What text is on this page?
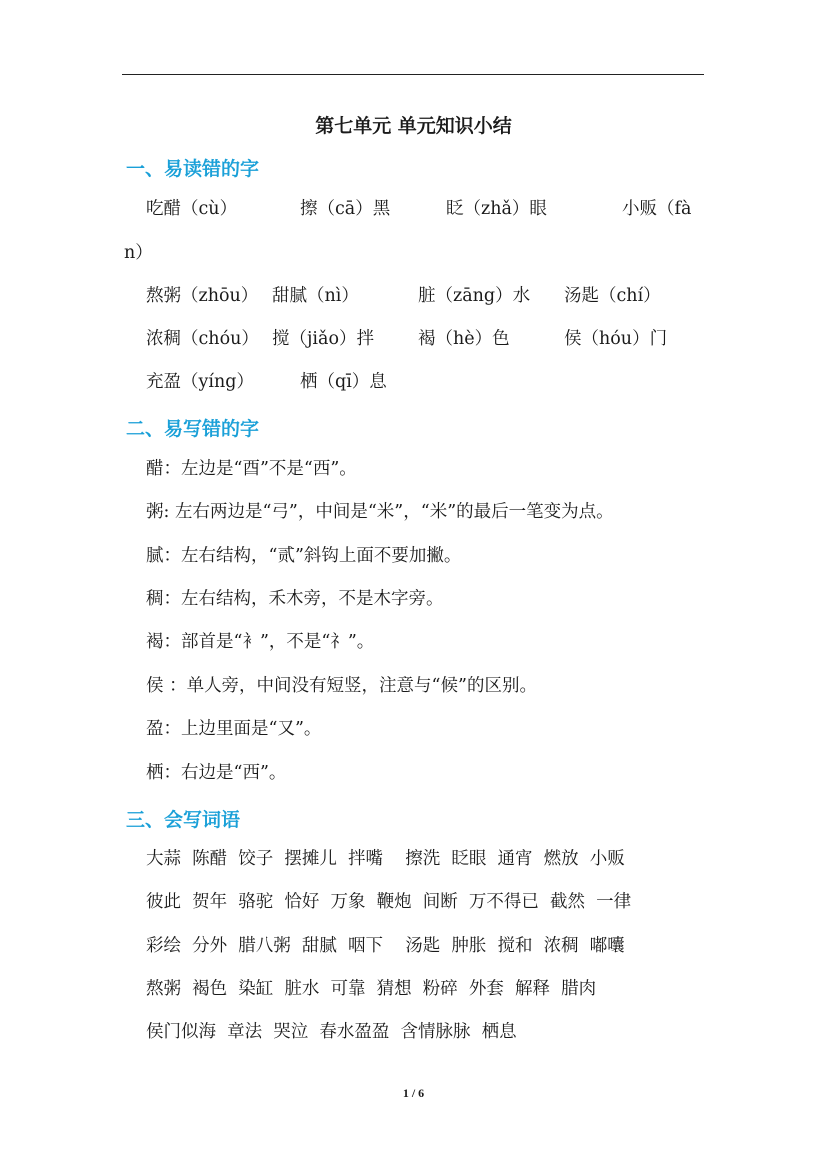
第七单元 单元知识小结
一、易读错的字
吃醋（cù）	擦（cā）黑	眨（zhǎ）眼	小贩（fà
n）
熬粥（zhōu） 甜腻（nì）	脏（zāng）水 汤匙（chí）
浓稠（chóu） 搅（jiǎo）拌	褐（hè）色	侯（hóu）门
充盈（yíng）	栖（qī）息
二、易写错的字
醋：左边是“酉”不是“西”。
粥: 左右两边是“弓”，中间是“米”，“米”的最后一笔变为点。
腻：左右结构，“贰”斜钩上面不要加撇。
稠：左右结构，禾木旁，不是木字旁。
褐：部首是“衤”，不是“礻”。
侯 ：单人旁，中间没有短竖，注意与“候”的区别。
盈：上边里面是“又”。
栖：右边是“西”。
三、会写词语
大蒜  陈醋  饺子  摆摊儿  拌嘴    擦洗  眨眼  通宵  燃放  小贩
彼此  贺年  骆驼  恰好  万象  鞭炮  间断  万不得已  截然  一律
彩绘  分外  腊八粥  甜腻  咽下    汤匙  肿胀  搅和  浓稠  嘟囔
熬粥  褐色  染缸  脏水  可靠  猜想  粉碎  外套  解释  腊肉
侯门似海  章法  哭泣  春水盈盈  含情脉脉  栖息
1 / 6
